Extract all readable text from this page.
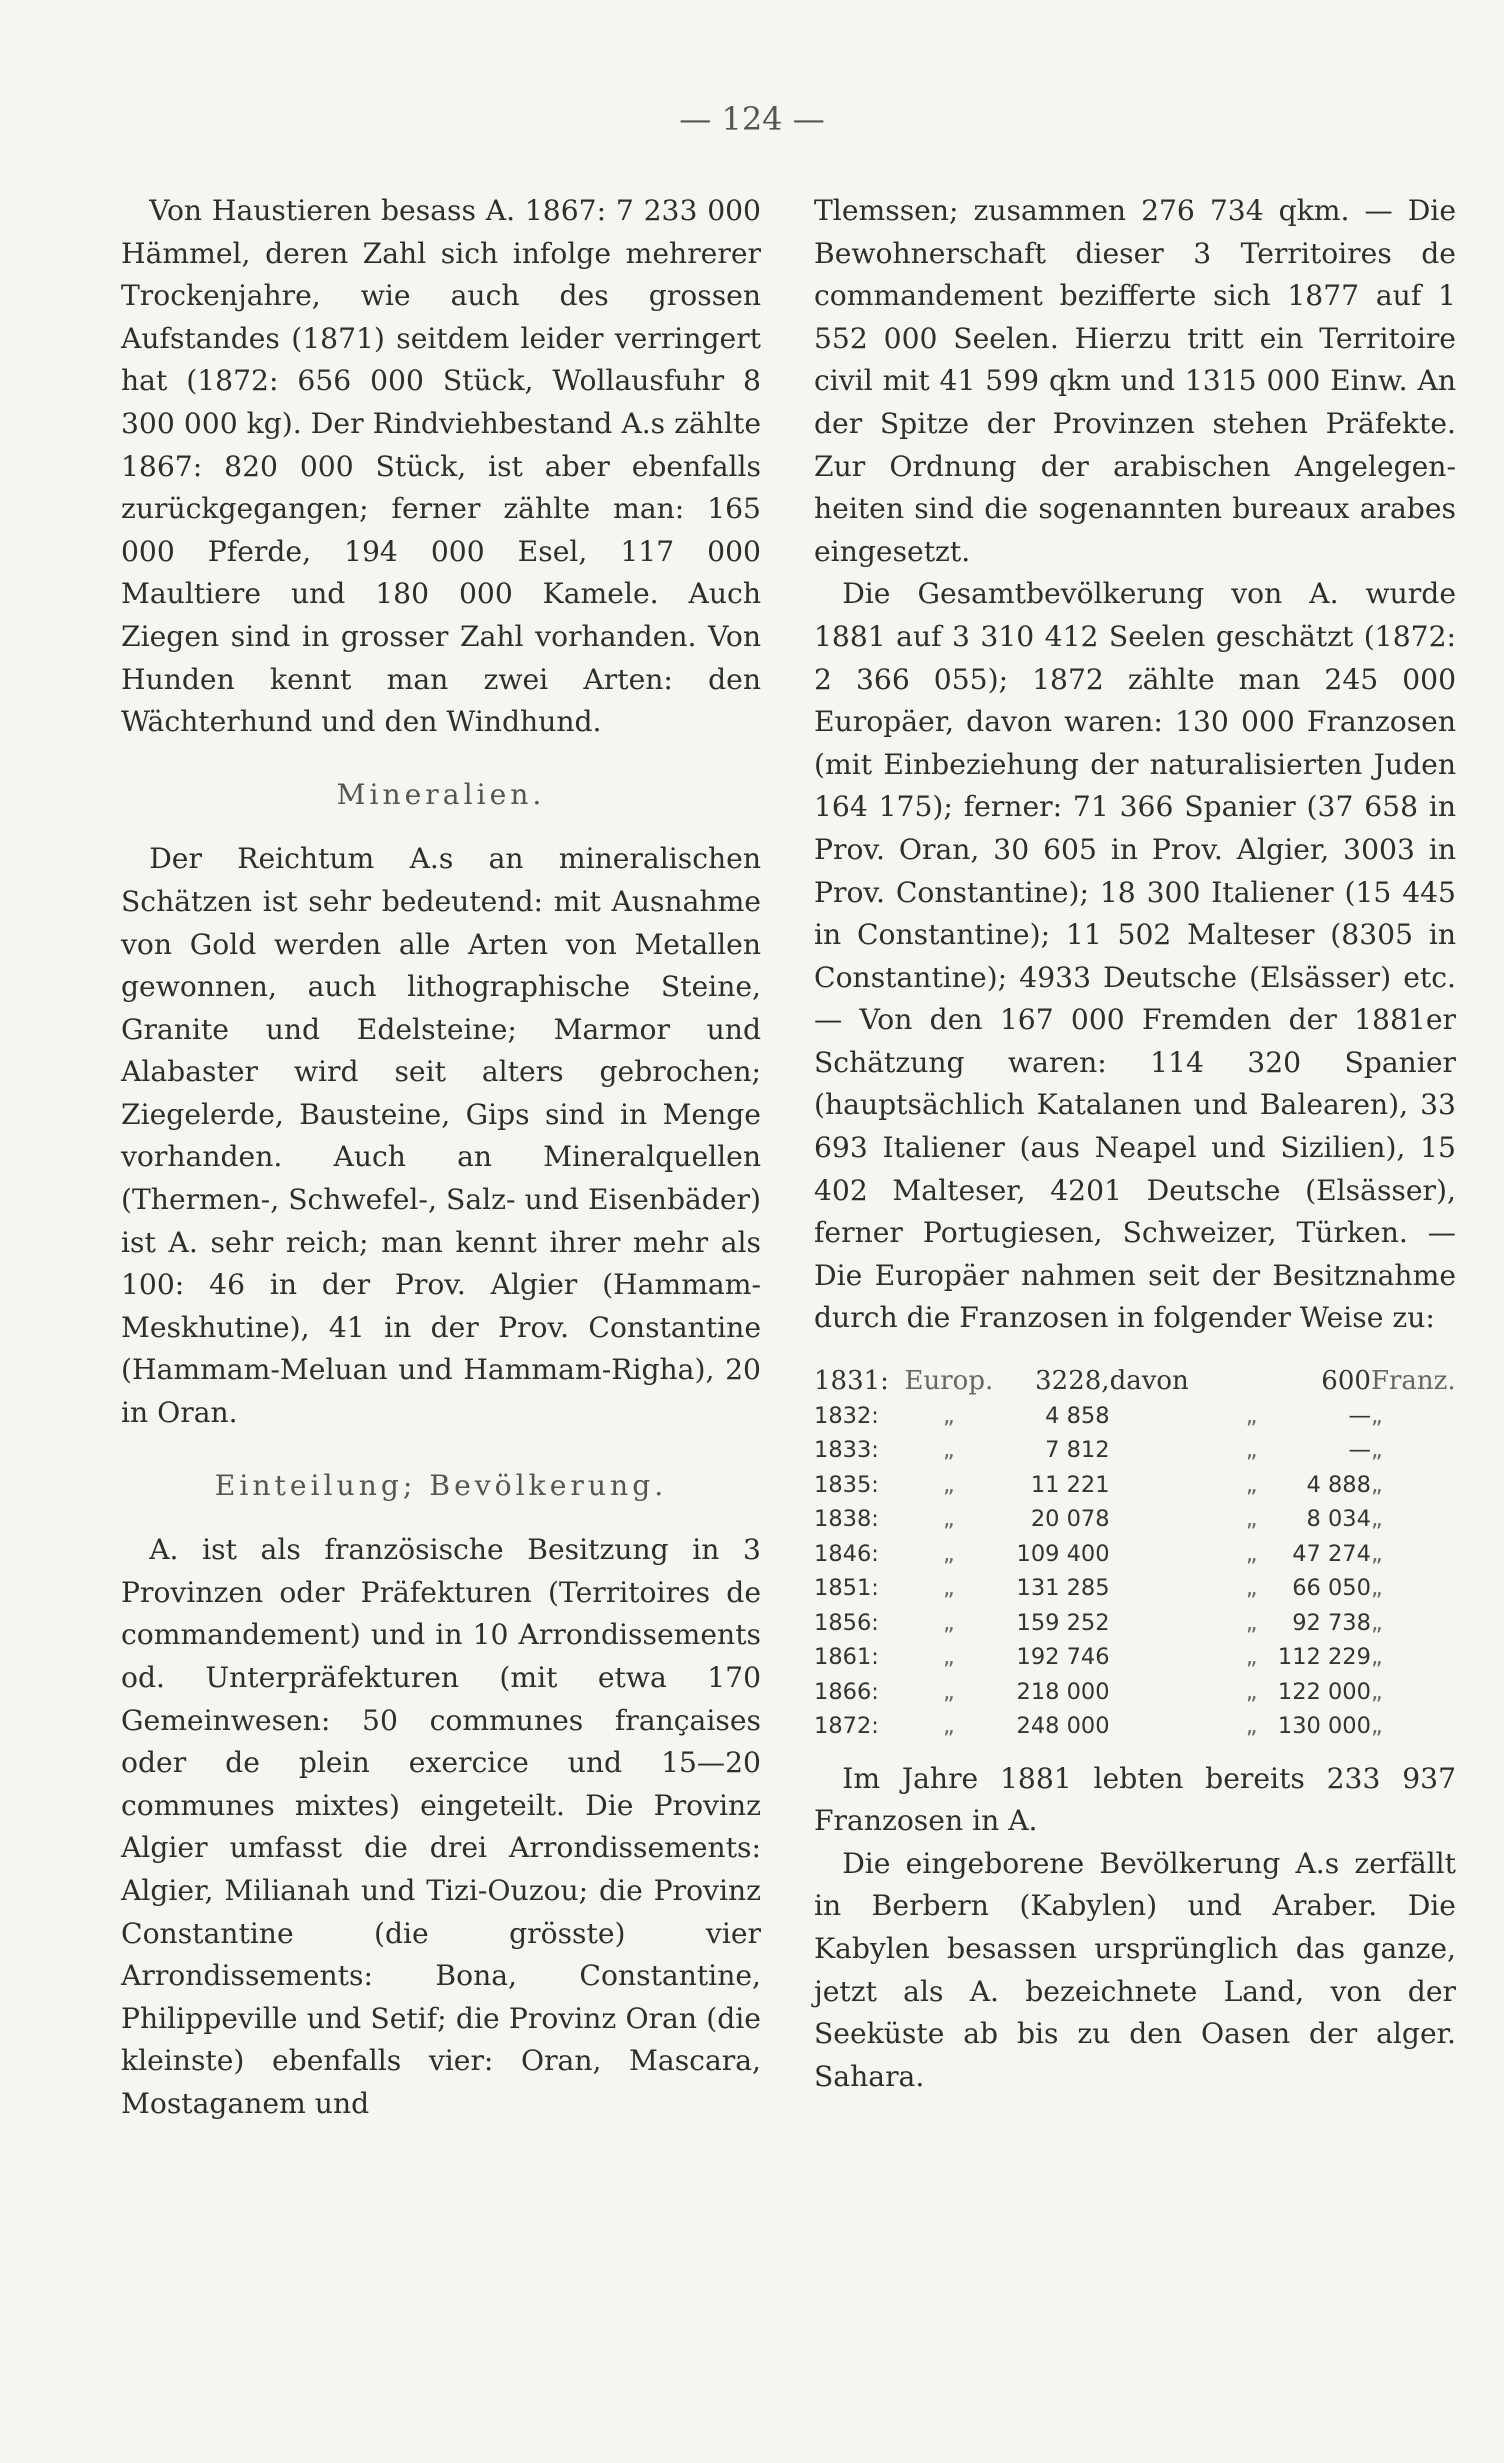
— 124 —

Von Haustieren besass A. 1867: 7 233 000 Hämmel, deren Zahl sich infolge mehrerer Trockenjahre, wie auch des grossen Aufstandes (1871) seitdem leider verringert hat (1872: 656 000 Stück, Wollausfuhr 8 300 000 kg). Der Rindviehbestand A.s zählte 1867: 820 000 Stück, ist aber ebenfalls zurückgegangen; ferner zählte man: 165 000 Pferde, 194 000 Esel, 117 000 Maultiere und 180 000 Kamele. Auch Ziegen sind in grosser Zahl vorhanden. Von Hunden kennt man zwei Arten: den Wächterhund und den Windhund.

Mineralien.

Der Reichtum A.s an mineralischen Schätzen ist sehr bedeutend: mit Ausnahme von Gold werden alle Arten von Metallen gewonnen, auch lithographische Steine, Granite und Edelsteine; Marmor und Alabaster wird seit alters gebrochen; Ziegelerde, Bausteine, Gips sind in Menge vorhanden. Auch an Mineralquellen (Thermen-, Schwefel-, Salz- und Eisenbäder) ist A. sehr reich; man kennt ihrer mehr als 100: 46 in der Prov. Algier (Hammam-Meskhutine), 41 in der Prov. Constantine (Hammam-Meluan und Hammam-Righa), 20 in Oran.

Einteilung; Bevölkerung.

A. ist als französische Besitzung in 3 Provinzen oder Präfekturen (Territoires de commandement) und in 10 Arrondissements od. Unterpräfekturen (mit etwa 170 Gemeinwesen: 50 communes françaises oder de plein exercice und 15—20 communes mixtes) eingeteilt. Die Provinz Algier umfasst die drei Arrondissements: Algier, Milianah und Tizi-Ouzou; die Provinz Constantine (die grösste) vier Arrondissements: Bona, Constantine, Philippeville und Setif; die Provinz Oran (die kleinste) ebenfalls vier: Oran, Mascara, Mostaganem und

Tlemssen; zusammen 276 734 qkm. — Die Bewohnerschaft dieser 3 Territoires de commandement bezifferte sich 1877 auf 1 552 000 Seelen. Hierzu tritt ein Territoire civil mit 41 599 qkm und 1315 000 Einw. An der Spitze der Provinzen stehen Präfekte. Zur Ordnung der arabischen Angelegenheiten sind die sogenannten bureaux arabes eingesetzt.

Die Gesamtbevölkerung von A. wurde 1881 auf 3 310 412 Seelen geschätzt (1872: 2 366 055); 1872 zählte man 245 000 Europäer, davon waren: 130 000 Franzosen (mit Einbeziehung der naturalisierten Juden 164 175); ferner: 71 366 Spanier (37 658 in Prov. Oran, 30 605 in Prov. Algier, 3003 in Prov. Constantine); 18 300 Italiener (15 445 in Constantine); 11 502 Malteser (8305 in Constantine); 4933 Deutsche (Elsässer) etc. — Von den 167 000 Fremden der 1881er Schätzung waren: 114 320 Spanier (hauptsächlich Katalanen und Balearen), 33 693 Italiener (aus Neapel und Sizilien), 15 402 Malteser, 4201 Deutsche (Elsässer), ferner Portugiesen, Schweizer, Türken. — Die Europäer nahmen seit der Besitznahme durch die Franzosen in folgender Weise zu:

1831:	Europ.	3228,	davon		600	Franz.
1832:	„	4 858		„	—	„
1833:	„	7 812		„	—	„
1835:	„	11 221		„	4 888	„
1838:	„	20 078		„	8 034	„
1846:	„	109 400		„	47 274	„
1851:	„	131 285		„	66 050	„
1856:	„	159 252		„	92 738	„
1861:	„	192 746		„	112 229	„
1866:	„	218 000		„	122 000	„
1872:	„	248 000		„	130 000	„

Im Jahre 1881 lebten bereits 233 937 Franzosen in A.

Die eingeborene Bevölkerung A.s zerfällt in Berbern (Kabylen) und Araber. Die Kabylen besassen ursprünglich das ganze, jetzt als A. bezeichnete Land, von der Seeküste ab bis zu den Oasen der alger. Sahara.
